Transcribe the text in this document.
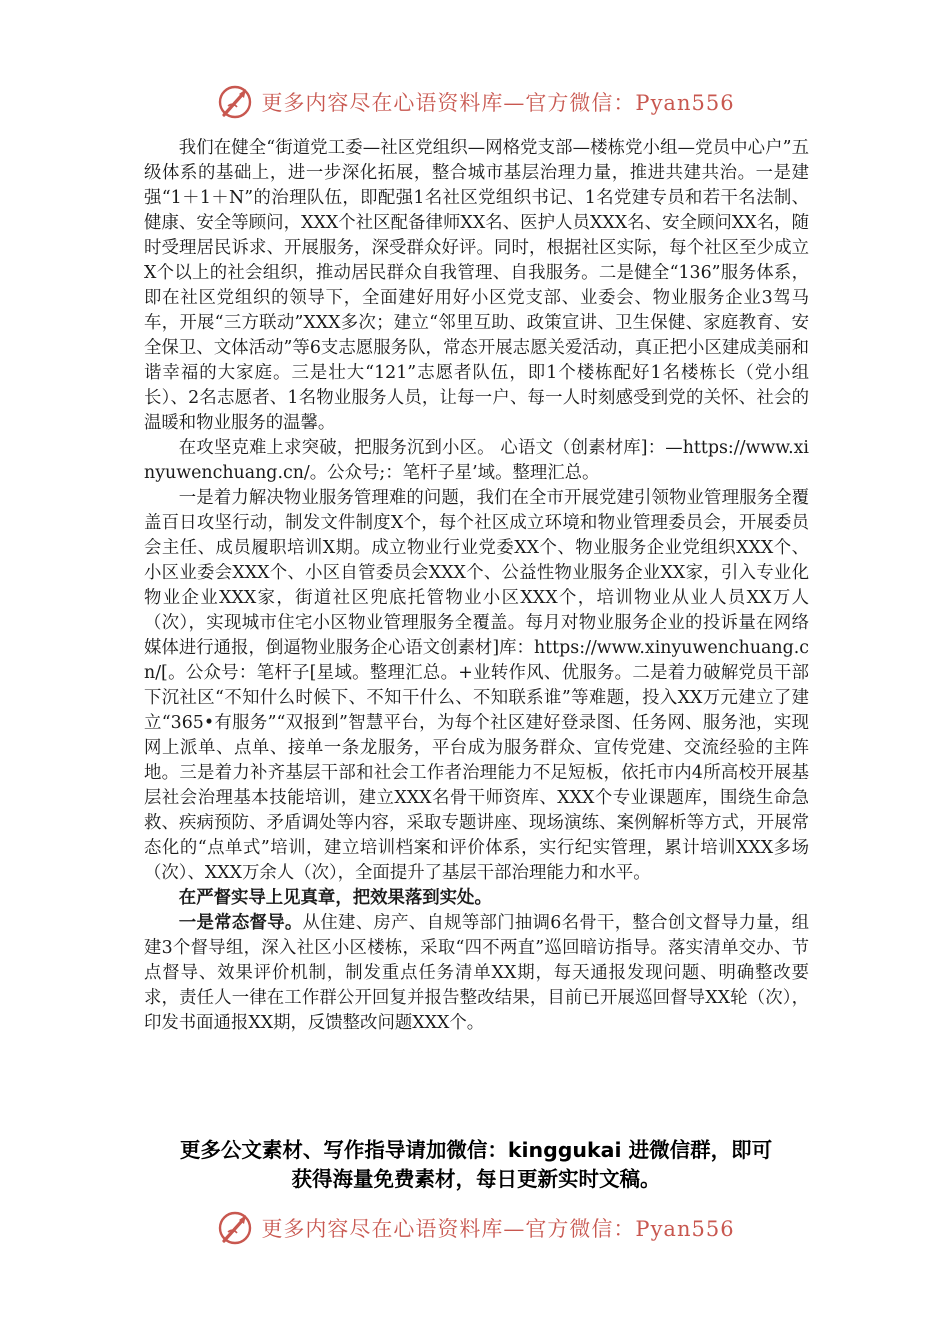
更多内容尽在心语资料库—官方微信：Pyan556

我们在健全“街道党工委—社区党组织—网格党支部—楼栋党小组—党员中心户”五级体系的基础上，进一步深化拓展，整合城市基层治理力量，推进共建共治。一是建强“1＋1＋N”的治理队伍，即配强1名社区党组织书记、1名党建专员和若干名法制、健康、安全等顾问，XXX个社区配备律师XX名、医护人员XXX名、安全顾问XX名，随时受理居民诉求、开展服务，深受群众好评。同时，根据社区实际，每个社区至少成立X个以上的社会组织，推动居民群众自我管理、自我服务。二是健全“136”服务体系，即在社区党组织的领导下，全面建好用好小区党支部、业委会、物业服务企业3驾马车，开展“三方联动”XXX多次；建立“邻里互助、政策宣讲、卫生保健、家庭教育、安全保卫、文体活动”等6支志愿服务队，常态开展志愿关爱活动，真正把小区建成美丽和谐幸福的大家庭。三是壮大“121”志愿者队伍，即1个楼栋配好1名楼栋长（党小组长）、2名志愿者、1名物业服务人员，让每一户、每一人时刻感受到党的关怀、社会的温暖和物业服务的温馨。

在攻坚克难上求突破，把服务沉到小区。 心语文（创素材库]：—https://www.xinyuwenchuang.cn/。公众号;：笔杆子星’域。整理汇总。

一是着力解决物业服务管理难的问题，我们在全市开展党建引领物业管理服务全覆盖百日攻坚行动，制发文件制度X个，每个社区成立环境和物业管理委员会，开展委员会主任、成员履职培训X期。成立物业行业党委XX个、物业服务企业党组织XXX个、小区业委会XXX个、小区自管委员会XXX个、公益性物业服务企业XX家，引入专业化物业企业XXX家，街道社区兜底托管物业小区XXX个，培训物业从业人员XX万人（次），实现城市住宅小区物业管理服务全覆盖。每月对物业服务企业的投诉量在网络媒体进行通报，倒逼物业服务企心语文创素材]库：https://www.xinyuwenchuang.cn/[。公众号：笔杆子[星域。整理汇总。+业转作风、优服务。二是着力破解党员干部下沉社区“不知什么时候下、不知干什么、不知联系谁”等难题，投入XX万元建立了建立“365•有服务”“双报到”智慧平台，为每个社区建好登录图、任务网、服务池，实现网上派单、点单、接单一条龙服务，平台成为服务群众、宣传党建、交流经验的主阵地。三是着力补齐基层干部和社会工作者治理能力不足短板，依托市内4所高校开展基层社会治理基本技能培训，建立XXX名骨干师资库、XXX个专业课题库，围绕生命急救、疾病预防、矛盾调处等内容，采取专题讲座、现场演练、案例解析等方式，开展常态化的“点单式”培训，建立培训档案和评价体系，实行纪实管理，累计培训XXX多场（次）、XXX万余人（次），全面提升了基层干部治理能力和水平。

在严督实导上见真章，把效果落到实处。

一是常态督导。从住建、房产、自规等部门抽调6名骨干，整合创文督导力量，组建3个督导组，深入社区小区楼栋，采取“四不两直”巡回暗访指导。落实清单交办、节点督导、效果评价机制，制发重点任务清单XX期，每天通报发现问题、明确整改要求，责任人一律在工作群公开回复并报告整改结果，目前已开展巡回督导XX轮（次），印发书面通报XX期，反馈整改问题XXX个。

更多公文素材、写作指导请加微信：kinggukai 进微信群，即可
获得海量免费素材，每日更新实时文稿。
更多内容尽在心语资料库—官方微信：Pyan556
